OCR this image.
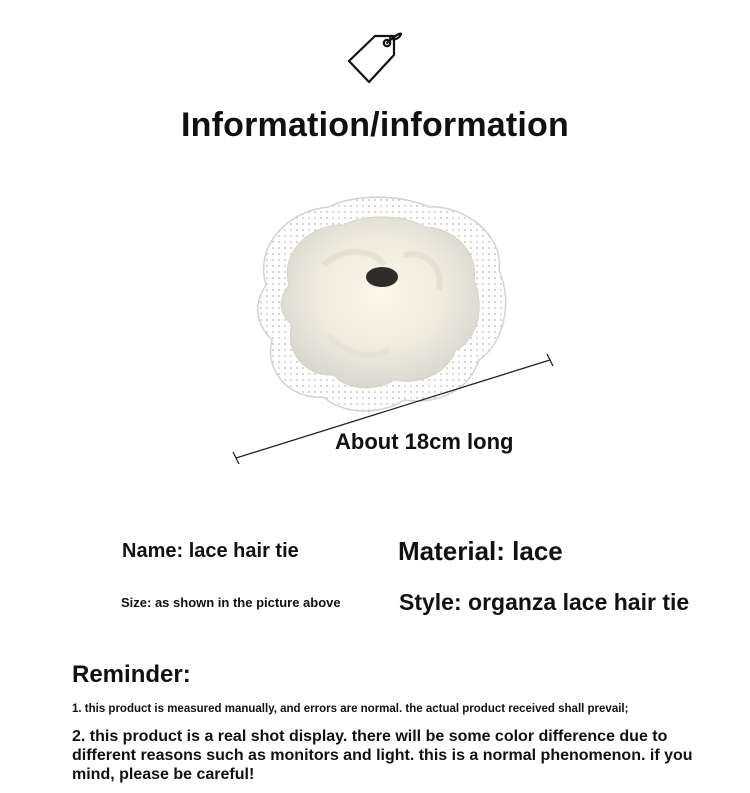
Information/information
About 18cm long
Name: lace hair tie
Size: as shown in the picture above
Material: lace
Style: organza lace hair tie
Reminder:
1. this product is measured manually, and errors are normal. the actual product received shall prevail;
2. this product is a real shot display. there will be some color difference due to different reasons such as monitors and light. this is a normal phenomenon. if you mind, please be careful!
